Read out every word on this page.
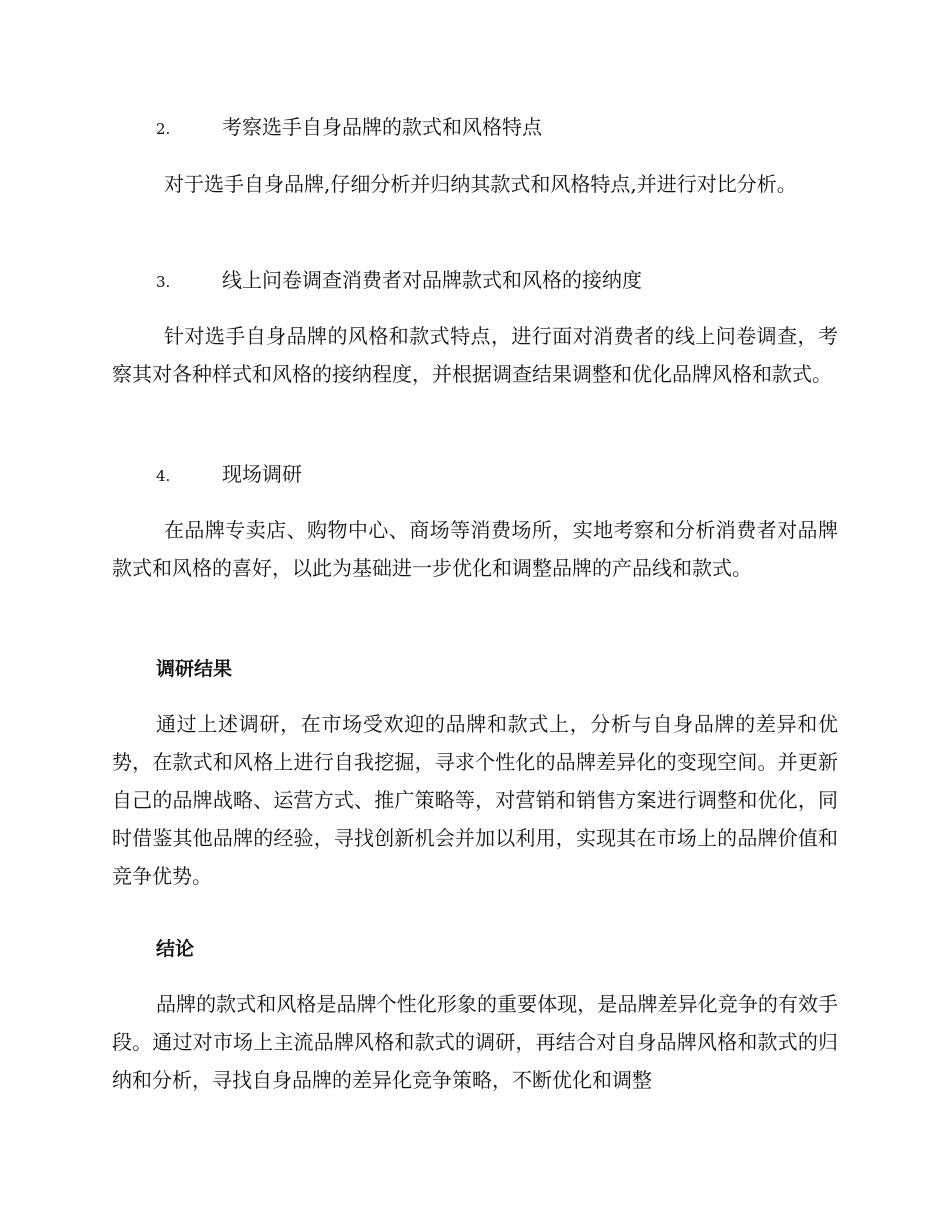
2.	考察选手自身品牌的款式和风格特点

对于选手自身品牌,仔细分析并归纳其款式和风格特点,并进行对比分析。

3.	线上问卷调查消费者对品牌款式和风格的接纳度

针对选手自身品牌的风格和款式特点，进行面对消费者的线上问卷调查，考察其对各种样式和风格的接纳程度，并根据调查结果调整和优化品牌风格和款式。

4.	现场调研

在品牌专卖店、购物中心、商场等消费场所，实地考察和分析消费者对品牌款式和风格的喜好，以此为基础进一步优化和调整品牌的产品线和款式。

调研结果

通过上述调研，在市场受欢迎的品牌和款式上，分析与自身品牌的差异和优势，在款式和风格上进行自我挖掘，寻求个性化的品牌差异化的变现空间。并更新自己的品牌战略、运营方式、推广策略等，对营销和销售方案进行调整和优化，同时借鉴其他品牌的经验，寻找创新机会并加以利用，实现其在市场上的品牌价值和竞争优势。

结论

品牌的款式和风格是品牌个性化形象的重要体现，是品牌差异化竞争的有效手段。通过对市场上主流品牌风格和款式的调研，再结合对自身品牌风格和款式的归纳和分析，寻找自身品牌的差异化竞争策略，不断优化和调整
